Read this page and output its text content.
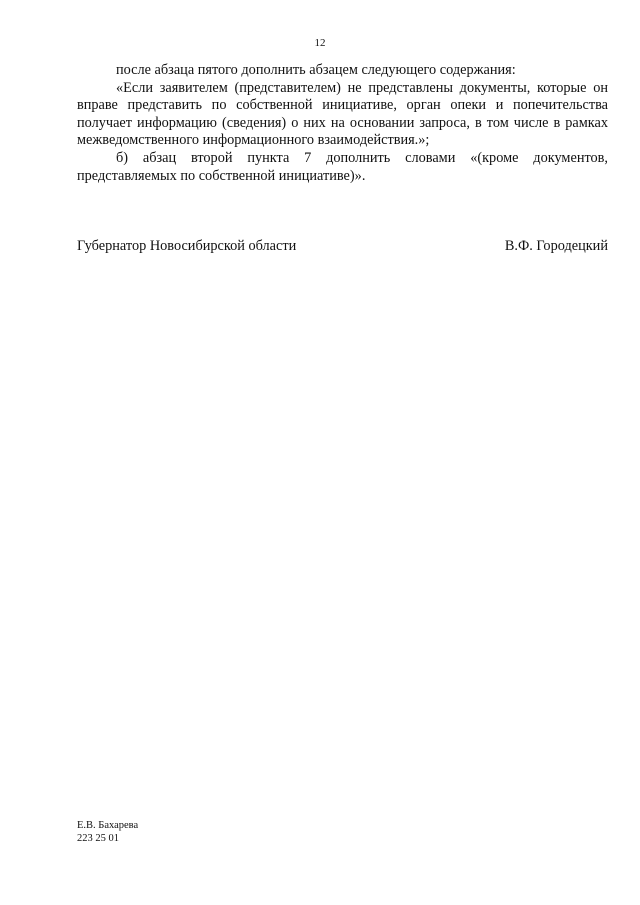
12

после абзаца пятого дополнить абзацем следующего содержания:

«Если заявителем (представителем) не представлены документы, которые он вправе представить по собственной инициативе, орган опеки и попечительства получает информацию (сведения) о них на основании запроса, в том числе в рамках межведомственного информационного взаимодействия.»;

б) абзац второй пункта 7 дополнить словами «(кроме документов, представляемых по собственной инициативе)».

Губернатор Новосибирской области	В.Ф. Городецкий
Е.В. Бахарева
223 25 01
